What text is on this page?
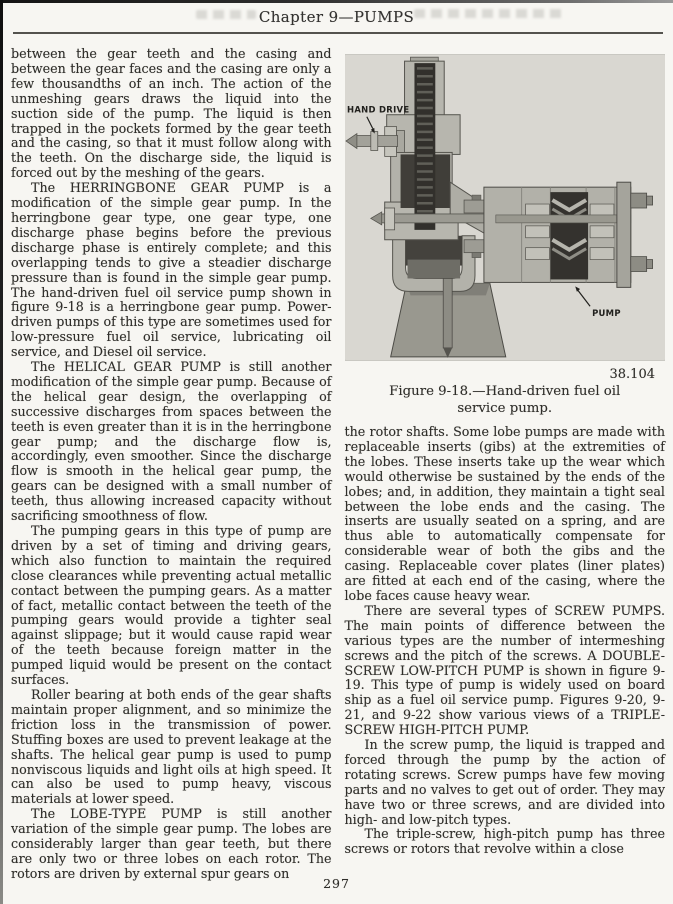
Chapter 9—PUMPS

between the gear teeth and the casing and between the gear faces and the casing are only a few thousandths of an inch. The action of the unmeshing gears draws the liquid into the suction side of the pump. The liquid is then trapped in the pockets formed by the gear teeth and the casing, so that it must follow along with the teeth. On the discharge side, the liquid is forced out by the meshing of the gears.

The HERRINGBONE GEAR PUMP is a modification of the simple gear pump. In the herringbone gear type, one gear type, one discharge phase begins before the previous discharge phase is entirely complete; and this overlapping tends to give a steadier discharge pressure than is found in the simple gear pump. The hand-driven fuel oil service pump shown in figure 9-18 is a herringbone gear pump. Power-driven pumps of this type are sometimes used for low-pressure fuel oil service, lubricating oil service, and Diesel oil service.

The HELICAL GEAR PUMP is still another modification of the simple gear pump. Because of the helical gear design, the overlapping of successive discharges from spaces between the teeth is even greater than it is in the herringbone gear pump; and the discharge flow is, accordingly, even smoother. Since the discharge flow is smooth in the helical gear pump, the gears can be designed with a small number of teeth, thus allowing increased capacity without sacrificing smoothness of flow.

The pumping gears in this type of pump are driven by a set of timing and driving gears, which also function to maintain the required close clearances while preventing actual metallic contact between the pumping gears. As a matter of fact, metallic contact between the teeth of the pumping gears would provide a tighter seal against slippage; but it would cause rapid wear of the teeth because foreign matter in the pumped liquid would be present on the contact surfaces.

Roller bearing at both ends of the gear shafts maintain proper alignment, and so minimize the friction loss in the transmission of power. Stuffing boxes are used to prevent leakage at the shafts. The helical gear pump is used to pump nonviscous liquids and light oils at high speed. It can also be used to pump heavy, viscous materials at lower speed.

The LOBE-TYPE PUMP is still another variation of the simple gear pump. The lobes are considerably larger than gear teeth, but there are only two or three lobes on each rotor. The rotors are driven by external spur gears on

HAND DRIVE
PUMP
38.104
Figure 9-18.—Hand-driven fuel oil service pump.

the rotor shafts. Some lobe pumps are made with replaceable inserts (gibs) at the extremities of the lobes. These inserts take up the wear which would otherwise be sustained by the ends of the lobes; and, in addition, they maintain a tight seal between the lobe ends and the casing. The inserts are usually seated on a spring, and are thus able to automatically compensate for considerable wear of both the gibs and the casing. Replaceable cover plates (liner plates) are fitted at each end of the casing, where the lobe faces cause heavy wear.

There are several types of SCREW PUMPS. The main points of difference between the various types are the number of intermeshing screws and the pitch of the screws. A DOUBLE-SCREW LOW-PITCH PUMP is shown in figure 9-19. This type of pump is widely used on board ship as a fuel oil service pump. Figures 9-20, 9-21, and 9-22 show various views of a TRIPLE-SCREW HIGH-PITCH PUMP.

In the screw pump, the liquid is trapped and forced through the pump by the action of rotating screws. Screw pumps have few moving parts and no valves to get out of order. They may have two or three screws, and are divided into high- and low-pitch types.

The triple-screw, high-pitch pump has three screws or rotors that revolve within a close

297
